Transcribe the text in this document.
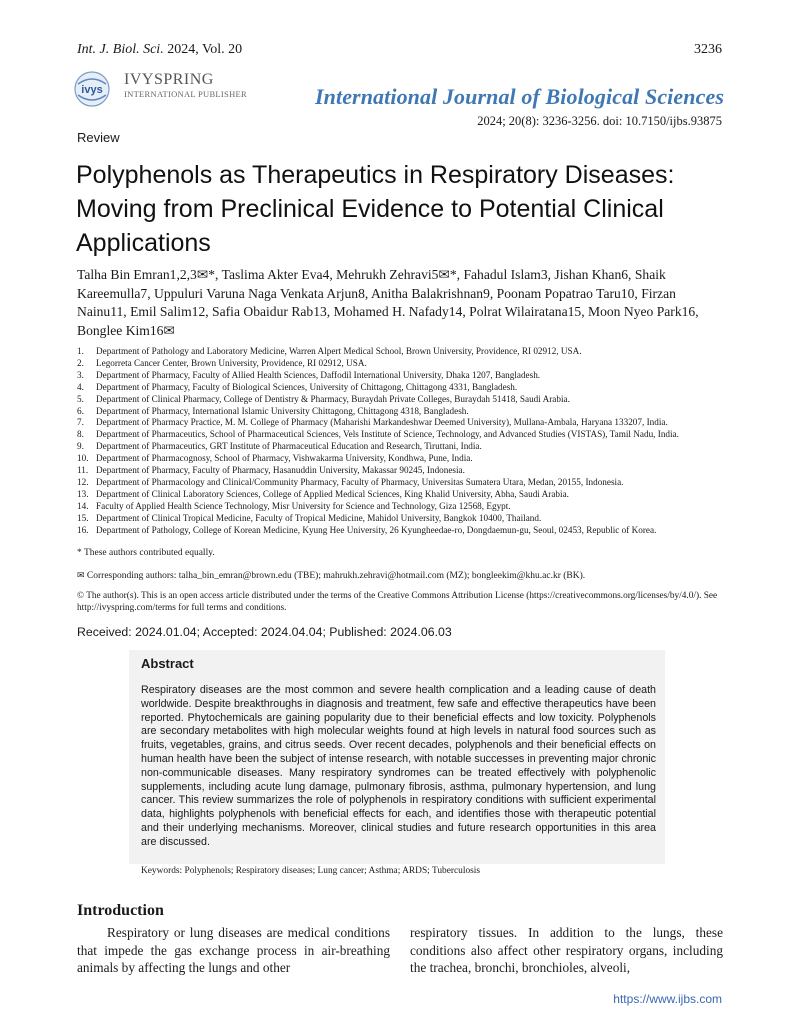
Int. J. Biol. Sci. 2024, Vol. 20	3236
ivys
IVYSPRING
INTERNATIONAL PUBLISHER	International Journal of Biological Sciences
2024; 20(8): 3236-3256. doi: 10.7150/ijbs.93875
Review
Polyphenols as Therapeutics in Respiratory Diseases: Moving from Preclinical Evidence to Potential Clinical Applications
Talha Bin Emran1,2,3✉*, Taslima Akter Eva4, Mehrukh Zehravi5✉*, Fahadul Islam3, Jishan Khan6, Shaik Kareemulla7, Uppuluri Varuna Naga Venkata Arjun8, Anitha Balakrishnan9, Poonam Popatrao Taru10, Firzan Nainu11, Emil Salim12, Safia Obaidur Rab13, Mohamed H. Nafady14, Polrat Wilairatana15, Moon Nyeo Park16, Bonglee Kim16✉
1.	Department of Pathology and Laboratory Medicine, Warren Alpert Medical School, Brown University, Providence, RI 02912, USA.
2.	Legorreta Cancer Center, Brown University, Providence, RI 02912, USA.
3.	Department of Pharmacy, Faculty of Allied Health Sciences, Daffodil International University, Dhaka 1207, Bangladesh.
4.	Department of Pharmacy, Faculty of Biological Sciences, University of Chittagong, Chittagong 4331, Bangladesh.
5.	Department of Clinical Pharmacy, College of Dentistry & Pharmacy, Buraydah Private Colleges, Buraydah 51418, Saudi Arabia.
6.	Department of Pharmacy, International Islamic University Chittagong, Chittagong 4318, Bangladesh.
7.	Department of Pharmacy Practice, M. M. College of Pharmacy (Maharishi Markandeshwar Deemed University), Mullana-Ambala, Haryana 133207, India.
8.	Department of Pharmaceutics, School of Pharmaceutical Sciences, Vels Institute of Science, Technology, and Advanced Studies (VISTAS), Tamil Nadu, India.
9.	Department of Pharmaceutics, GRT Institute of Pharmaceutical Education and Research, Tiruttani, India.
10. Department of Pharmacognosy, School of Pharmacy, Vishwakarma University, Kondhwa, Pune, India.
11. Department of Pharmacy, Faculty of Pharmacy, Hasanuddin University, Makassar 90245, Indonesia.
12. Department of Pharmacology and Clinical/Community Pharmacy, Faculty of Pharmacy, Universitas Sumatera Utara, Medan, 20155, Indonesia.
13. Department of Clinical Laboratory Sciences, College of Applied Medical Sciences, King Khalid University, Abha, Saudi Arabia.
14. Faculty of Applied Health Science Technology, Misr University for Science and Technology, Giza 12568, Egypt.
15. Department of Clinical Tropical Medicine, Faculty of Tropical Medicine, Mahidol University, Bangkok 10400, Thailand.
16. Department of Pathology, College of Korean Medicine, Kyung Hee University, 26 Kyungheedae-ro, Dongdaemun-gu, Seoul, 02453, Republic of Korea.
* These authors contributed equally.
✉ Corresponding authors: talha_bin_emran@brown.edu (TBE); mahrukh.zehravi@hotmail.com (MZ); bongleekim@khu.ac.kr (BK).
© The author(s). This is an open access article distributed under the terms of the Creative Commons Attribution License (https://creativecommons.org/licenses/by/4.0/). See http://ivyspring.com/terms for full terms and conditions.
Received: 2024.01.04; Accepted: 2024.04.04; Published: 2024.06.03
Abstract
Respiratory diseases are the most common and severe health complication and a leading cause of death worldwide. Despite breakthroughs in diagnosis and treatment, few safe and effective therapeutics have been reported. Phytochemicals are gaining popularity due to their beneficial effects and low toxicity. Polyphenols are secondary metabolites with high molecular weights found at high levels in natural food sources such as fruits, vegetables, grains, and citrus seeds. Over recent decades, polyphenols and their beneficial effects on human health have been the subject of intense research, with notable successes in preventing major chronic non-communicable diseases. Many respiratory syndromes can be treated effectively with polyphenolic supplements, including acute lung damage, pulmonary fibrosis, asthma, pulmonary hypertension, and lung cancer. This review summarizes the role of polyphenols in respiratory conditions with sufficient experimental data, highlights polyphenols with beneficial effects for each, and identifies those with therapeutic potential and their underlying mechanisms. Moreover, clinical studies and future research opportunities in this area are discussed.
Keywords: Polyphenols; Respiratory diseases; Lung cancer; Asthma; ARDS; Tuberculosis
Introduction
Respiratory or lung diseases are medical conditions that impede the gas exchange process in air-breathing animals by affecting the lungs and other
respiratory tissues. In addition to the lungs, these conditions also affect other respiratory organs, including the trachea, bronchi, bronchioles, alveoli,
https://www.ijbs.com
